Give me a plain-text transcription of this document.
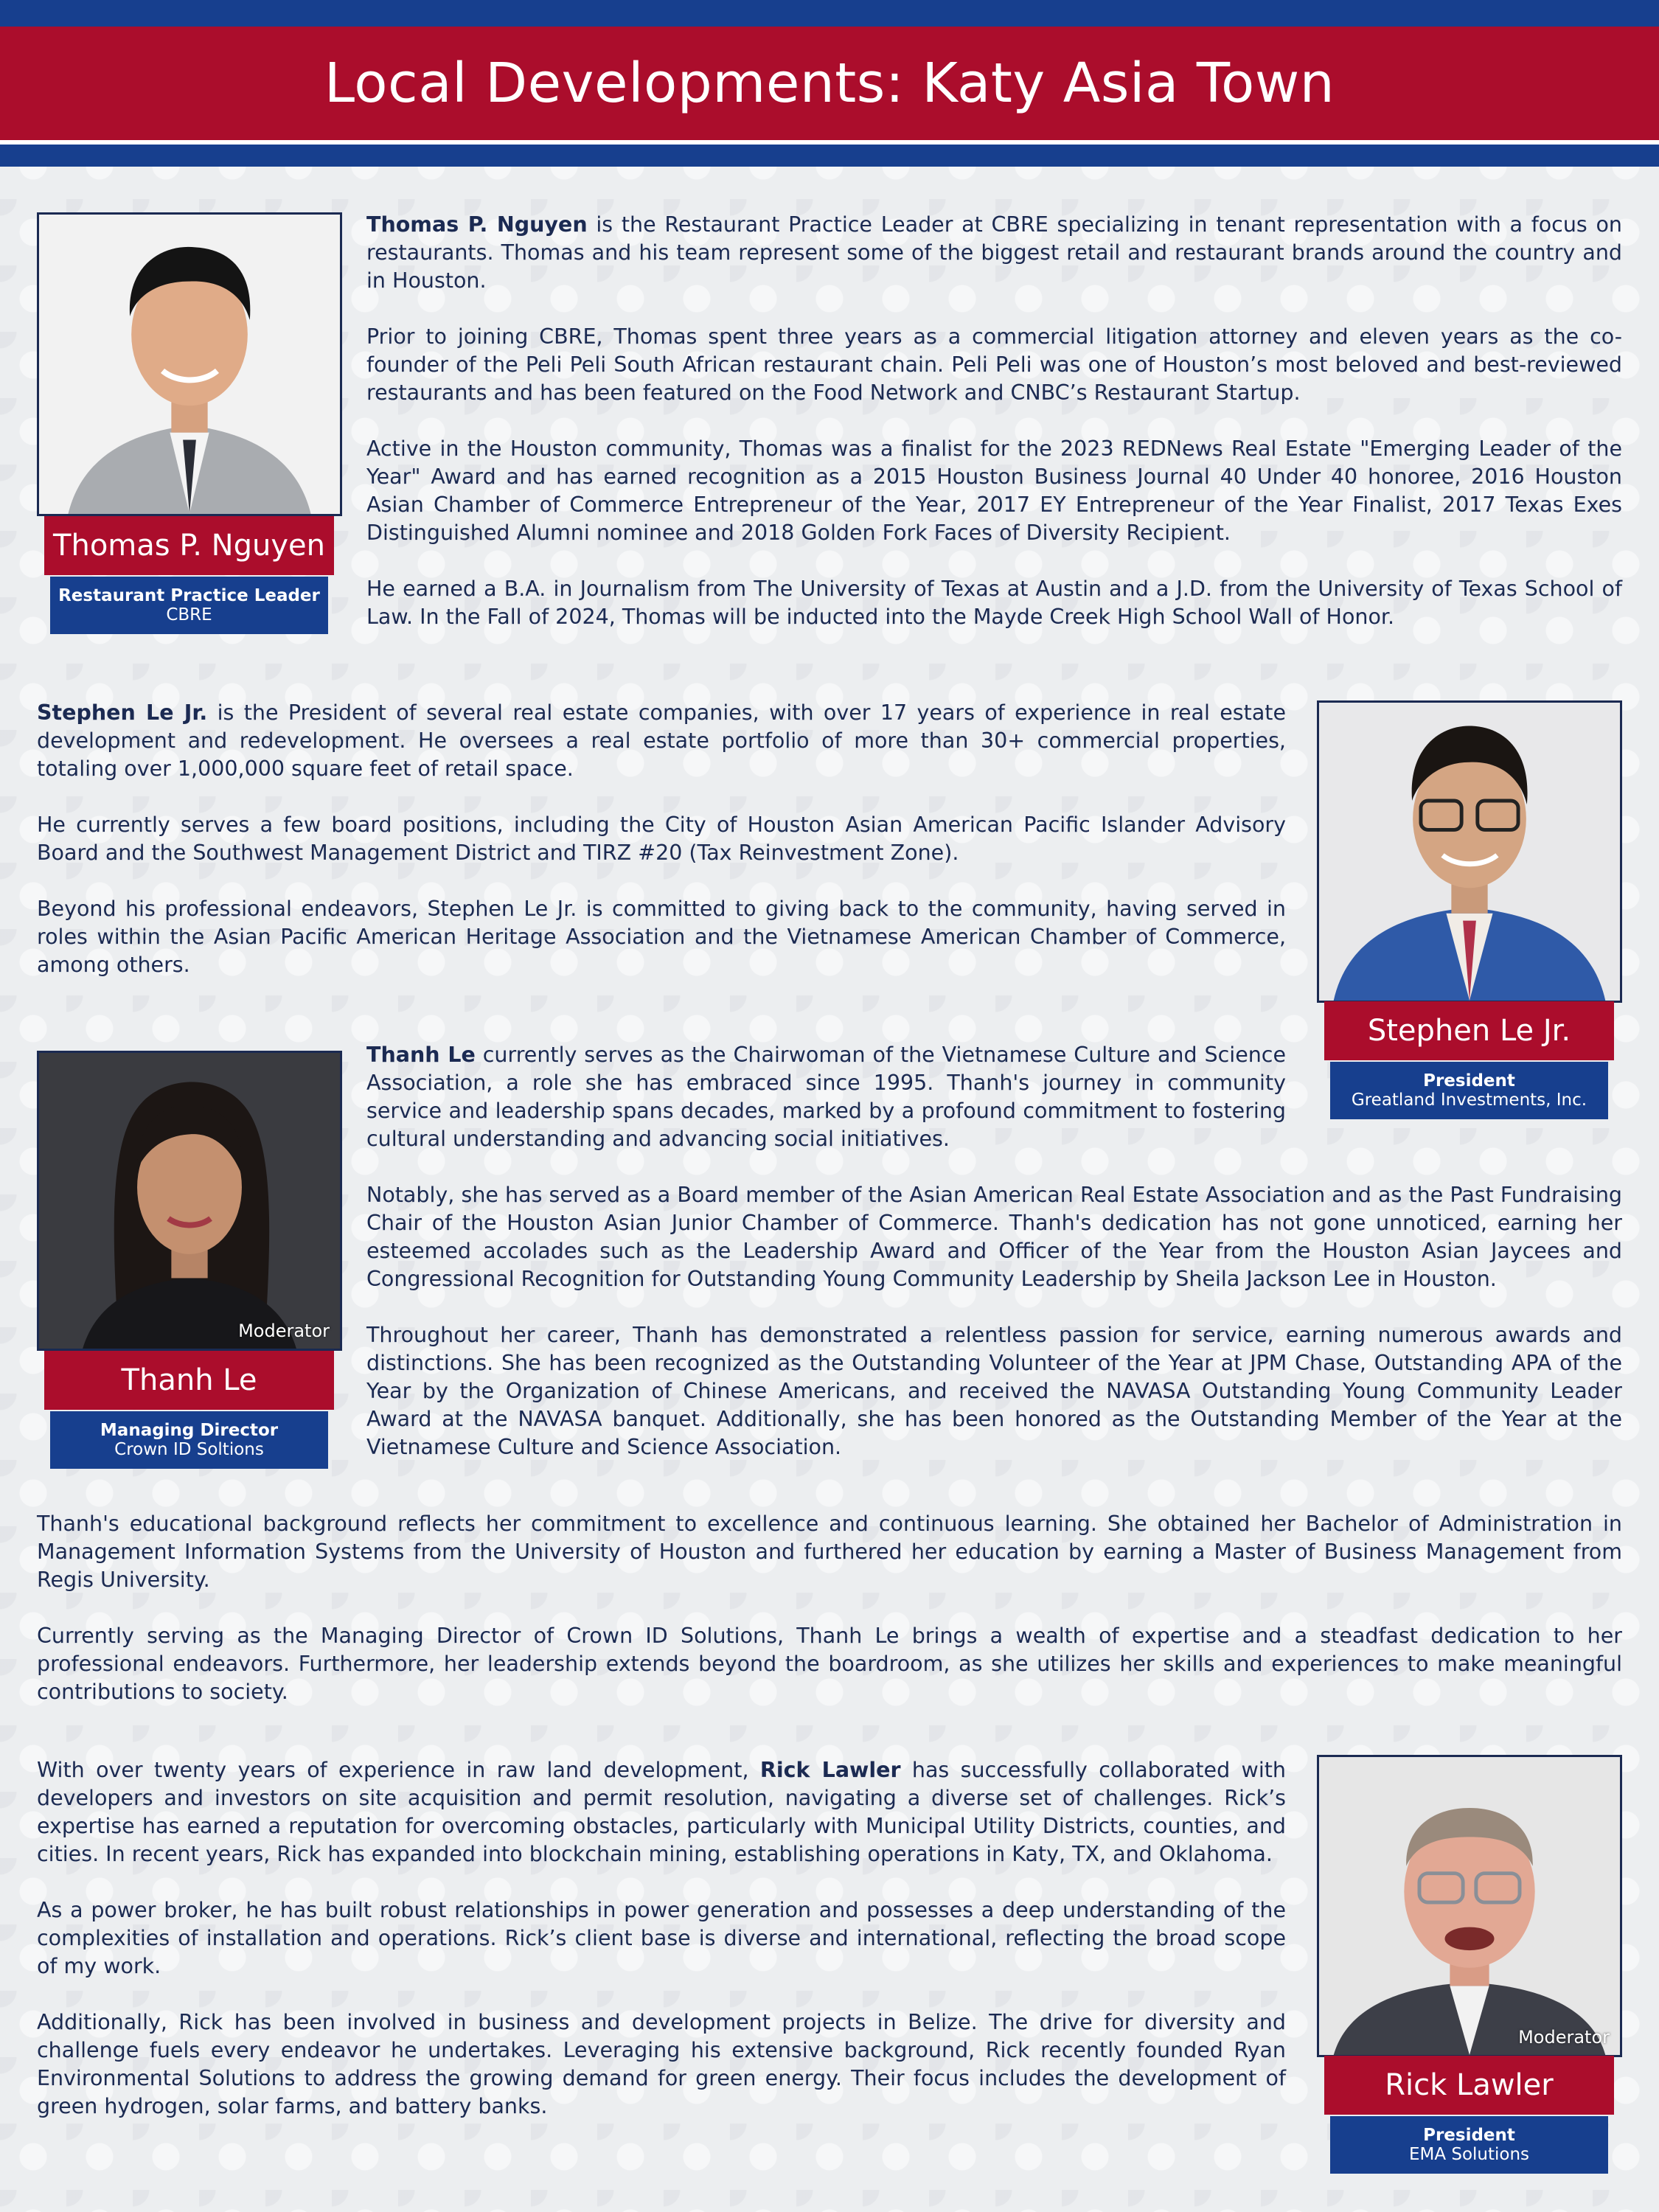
Local Developments: Katy Asia Town
Thomas P. Nguyen
Restaurant Practice Leader
CBRE

Thomas P. Nguyen is the Restaurant Practice Leader at CBRE specializing in tenant representation with a focus on restaurants. Thomas and his team represent some of the biggest retail and restaurant brands around the country and in Houston.

Prior to joining CBRE, Thomas spent three years as a commercial litigation attorney and eleven years as the co-founder of the Peli Peli South African restaurant chain. Peli Peli was one of Houston’s most beloved and best-reviewed restaurants and has been featured on the Food Network and CNBC’s Restaurant Startup.

Active in the Houston community, Thomas was a finalist for the 2023 REDNews Real Estate "Emerging Leader of the Year" Award and has earned recognition as a 2015 Houston Business Journal 40 Under 40 honoree, 2016 Houston Asian Chamber of Commerce Entrepreneur of the Year, 2017 EY Entrepreneur of the Year Finalist, 2017 Texas Exes Distinguished Alumni nominee and 2018 Golden Fork Faces of Diversity Recipient.

He earned a B.A. in Journalism from The University of Texas at Austin and a J.D. from the University of Texas School of Law. In the Fall of 2024, Thomas will be inducted into the Mayde Creek High School Wall of Honor.

Stephen Le Jr. is the President of several real estate companies, with over 17 years of experience in real estate development and redevelopment. He oversees a real estate portfolio of more than 30+ commercial properties, totaling over 1,000,000 square feet of retail space.

He currently serves a few board positions, including the City of Houston Asian American Pacific Islander Advisory Board and the Southwest Management District and TIRZ #20 (Tax Reinvestment Zone).

Beyond his professional endeavors, Stephen Le Jr. is committed to giving back to the community, having served in roles within the Asian Pacific American Heritage Association and the Vietnamese American Chamber of Commerce, among others.

Stephen Le Jr.
President
Greatland Investments, Inc.
Moderator
Thanh Le
Managing Director
Crown ID Soltions

Thanh Le currently serves as the Chairwoman of the Vietnamese Culture and Science Association, a role she has embraced since 1995. Thanh's journey in community service and leadership spans decades, marked by a profound commitment to fostering cultural understanding and advancing social initiatives.

Notably, she has served as a Board member of the Asian American Real Estate Association and as the Past Fundraising Chair of the Houston Asian Junior Chamber of Commerce. Thanh's dedication has not gone unnoticed, earning her esteemed accolades such as the Leadership Award and Officer of the Year from the Houston Asian Jaycees and Congressional Recognition for Outstanding Young Community Leadership by Sheila Jackson Lee in Houston.

Throughout her career, Thanh has demonstrated a relentless passion for service, earning numerous awards and distinctions. She has been recognized as the Outstanding Volunteer of the Year at JPM Chase, Outstanding APA of the Year by the Organization of Chinese Americans, and received the NAVASA Outstanding Young Community Leader Award at the NAVASA banquet. Additionally, she has been honored as the Outstanding Member of the Year at the Vietnamese Culture and Science Association.

Thanh's educational background reflects her commitment to excellence and continuous learning. She obtained her Bachelor of Administration in Management Information Systems from the University of Houston and furthered her education by earning a Master of Business Management from Regis University.

Currently serving as the Managing Director of Crown ID Solutions, Thanh Le brings a wealth of expertise and a steadfast dedication to her professional endeavors. Furthermore, her leadership extends beyond the boardroom, as she utilizes her skills and experiences to make meaningful contributions to society.

With over twenty years of experience in raw land development, Rick Lawler has successfully collaborated with developers and investors on site acquisition and permit resolution, navigating a diverse set of challenges. Rick’s expertise has earned a reputation for overcoming obstacles, particularly with Municipal Utility Districts, counties, and cities. In recent years, Rick has expanded into blockchain mining, establishing operations in Katy, TX, and Oklahoma.

As a power broker, he has built robust relationships in power generation and possesses a deep understanding of the complexities of installation and operations. Rick’s client base is diverse and international, reflecting the broad scope of my work.

Additionally, Rick has been involved in business and development projects in Belize. The drive for diversity and challenge fuels every endeavor he undertakes. Leveraging his extensive background, Rick recently founded Ryan Environmental Solutions to address the growing demand for green energy. Their focus includes the development of green hydrogen, solar farms, and battery banks.

Moderator
Rick Lawler
President
EMA Solutions
